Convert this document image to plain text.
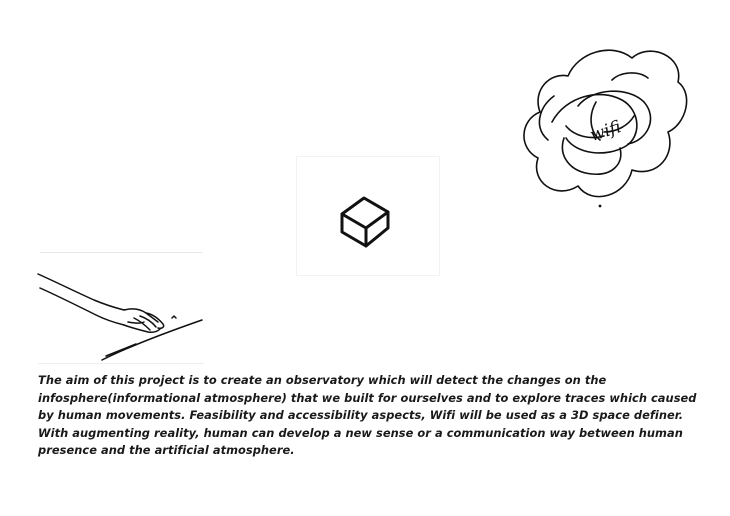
wifi

The aim of this project is to create an observatory which will detect the changes on the infosphere(informational atmosphere) that we built for ourselves and to explore traces which caused by human movements. Feasibility and accessibility aspects, Wifi will be used as a 3D space definer. With augmenting reality, human can develop a new sense or a communication way between human presence and the artificial atmosphere.
